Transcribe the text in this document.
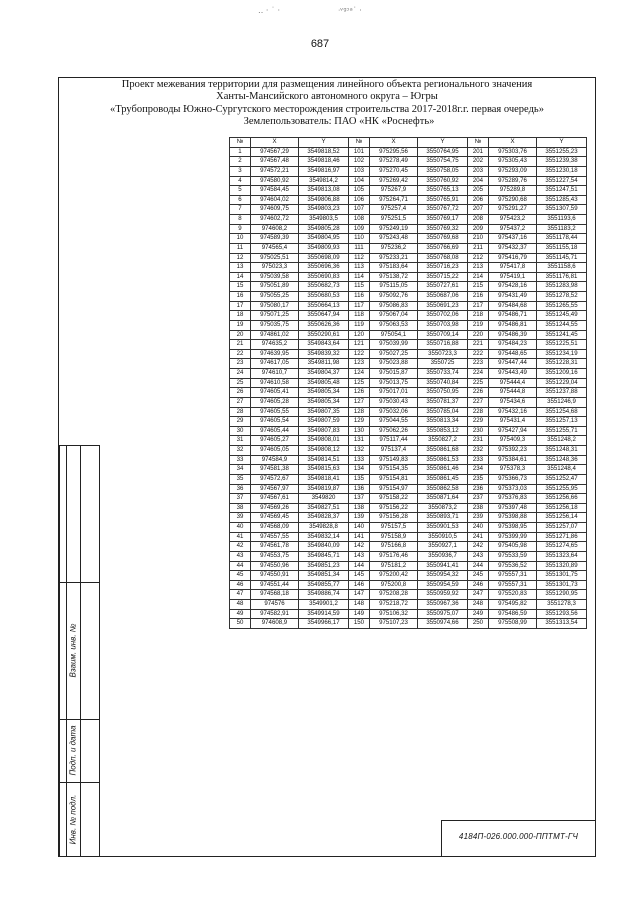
‥ · ˙ ·	ᐧᵛᵍᵓᵃ˙ ·
687
Проект межевания территории для размещения линейного объекта регионального значения
Ханты-Мансийского автономного округа – Югры
«Трубопроводы Южно-Сургутского месторождения строительства 2017-2018г.г. первая очередь»
Землепользователь: ПАО «НК «Роснефть»
№	X	Y	№	X	Y	№	X	Y
1	974567,29	3549818,52	101	975295,56	3550764,95	201	975303,76	3551255,23
2	974567,48	3549818,46	102	975278,49	3550754,75	202	975305,43	3551239,38
3	974572,21	3549816,97	103	975270,45	3550758,05	203	975293,09	3551230,18
4	974580,92	3549814,2	104	975269,42	3550760,92	204	975289,76	3551227,54
5	974584,45	3549813,08	105	975267,9	3550765,13	205	975289,8	3551247,51
6	974604,02	3549806,88	106	975264,71	3550765,91	206	975290,68	3551285,43
7	974609,75	3549803,23	107	975257,4	3550767,72	207	975291,27	3551307,59
8	974602,72	3549803,5	108	975251,5	3550769,17	208	975423,2	3551193,6
9	974608,2	3549805,28	109	975249,19	3550769,32	209	975437,2	3551183,2
10	974589,39	3549804,95	110	975243,48	3550769,68	210	975437,16	3551178,44
11	974565,4	3549809,93	111	975236,2	3550766,69	211	975432,37	3551155,18
12	975025,51	3550698,09	112	975233,21	3550768,08	212	975416,79	3551145,71
13	975023,3	3550696,36	113	975183,64	3550716,23	213	975417,8	3551158,6
14	975039,58	3550690,83	114	975138,72	3550715,22	214	975419,1	3551176,81
15	975051,89	3550682,73	115	975115,05	3550727,61	215	975428,16	3551283,98
16	975055,25	3550680,53	116	975092,76	3550687,06	216	975431,49	3551278,52
17	975080,17	3550664,13	117	975086,83	3550691,23	217	975484,68	3551265,55
18	975071,25	3550647,94	118	975067,04	3550702,06	218	975486,71	3551245,49
19	975035,75	3550626,36	119	975063,53	3550703,98	219	975486,81	3551244,55
20	974861,02	3550290,61	120	975054,1	3550709,14	220	975486,39	3551241,45
21	974635,2	3549843,64	121	975039,99	3550716,88	221	975484,23	3551225,51
22	974639,95	3549839,32	122	975027,25	3550723,3	222	975448,65	3551234,19
23	974617,05	3549811,98	123	975023,88	3550725	223	975447,44	3551228,31
24	974610,7	3549804,37	124	975015,87	3550733,74	224	975443,49	3551209,16
25	974610,58	3549805,48	125	975013,75	3550740,84	225	975444,4	3551229,04
26	974605,41	3549805,34	126	975017,01	3550750,95	226	975444,8	3551237,88
27	974605,28	3549805,34	127	975030,43	3550781,37	227	975434,6	3551246,9
28	974605,55	3549807,35	128	975032,06	3550785,04	228	975432,16	3551254,68
29	974605,54	3549807,59	129	975044,55	3550813,34	229	975431,4	3551257,13
30	974605,44	3549807,83	130	975062,26	3550853,12	230	975427,94	3551255,71
31	974605,27	3549808,01	131	975117,44	3550827,2	231	975409,3	3551248,2
32	974605,05	3549808,12	132	975137,4	3550861,68	232	975392,23	3551248,31
33	974584,9	3549814,51	133	975149,83	3550861,53	233	975384,61	3551248,36
34	974581,38	3549815,63	134	975154,35	3550861,46	234	975378,3	3551248,4
35	974572,67	3549818,41	135	975154,81	3550861,45	235	975366,73	3551252,47
36	974567,97	3549819,87	136	975154,97	3550862,58	236	975373,03	3551255,95
37	974567,61	3549820	137	975158,22	3550871,64	237	975376,83	3551256,66
38	974569,26	3549827,51	138	975156,22	3550873,2	238	975397,48	3551256,18
39	974569,45	3549828,37	139	975156,28	3550893,71	239	975398,88	3551256,14
40	974568,09	3549828,8	140	975157,5	3550901,53	240	975398,95	3551257,07
41	974557,55	3549832,14	141	975158,9	3550910,5	241	975399,99	3551271,86
42	974561,78	3549840,09	142	975166,8	3550927,1	242	975405,98	3551274,65
43	974553,75	3549845,71	143	975176,46	3550936,7	243	975533,59	3551323,64
44	974550,96	3549851,23	144	975181,2	3550941,41	244	975536,52	3551320,89
45	974550,91	3549851,34	145	975200,42	3550954,32	245	975557,31	3551301,75
46	974551,44	3549855,77	146	975200,8	3550954,59	246	975557,31	3551301,73
47	974568,18	3549886,74	147	975208,28	3550959,92	247	975520,83	3551290,95
48	974576	3549901,2	148	975218,72	3550967,36	248	975495,82	3551278,3
49	974582,91	3549914,59	149	975106,32	3550975,07	249	975486,59	3551293,56
50	974608,9	3549966,17	150	975107,23	3550974,66	250	975508,99	3551313,54
Взаим. инв. №
Подп. и дата
Инв. № подл.	4184П-026.000.000-ППТМТ-ГЧ
